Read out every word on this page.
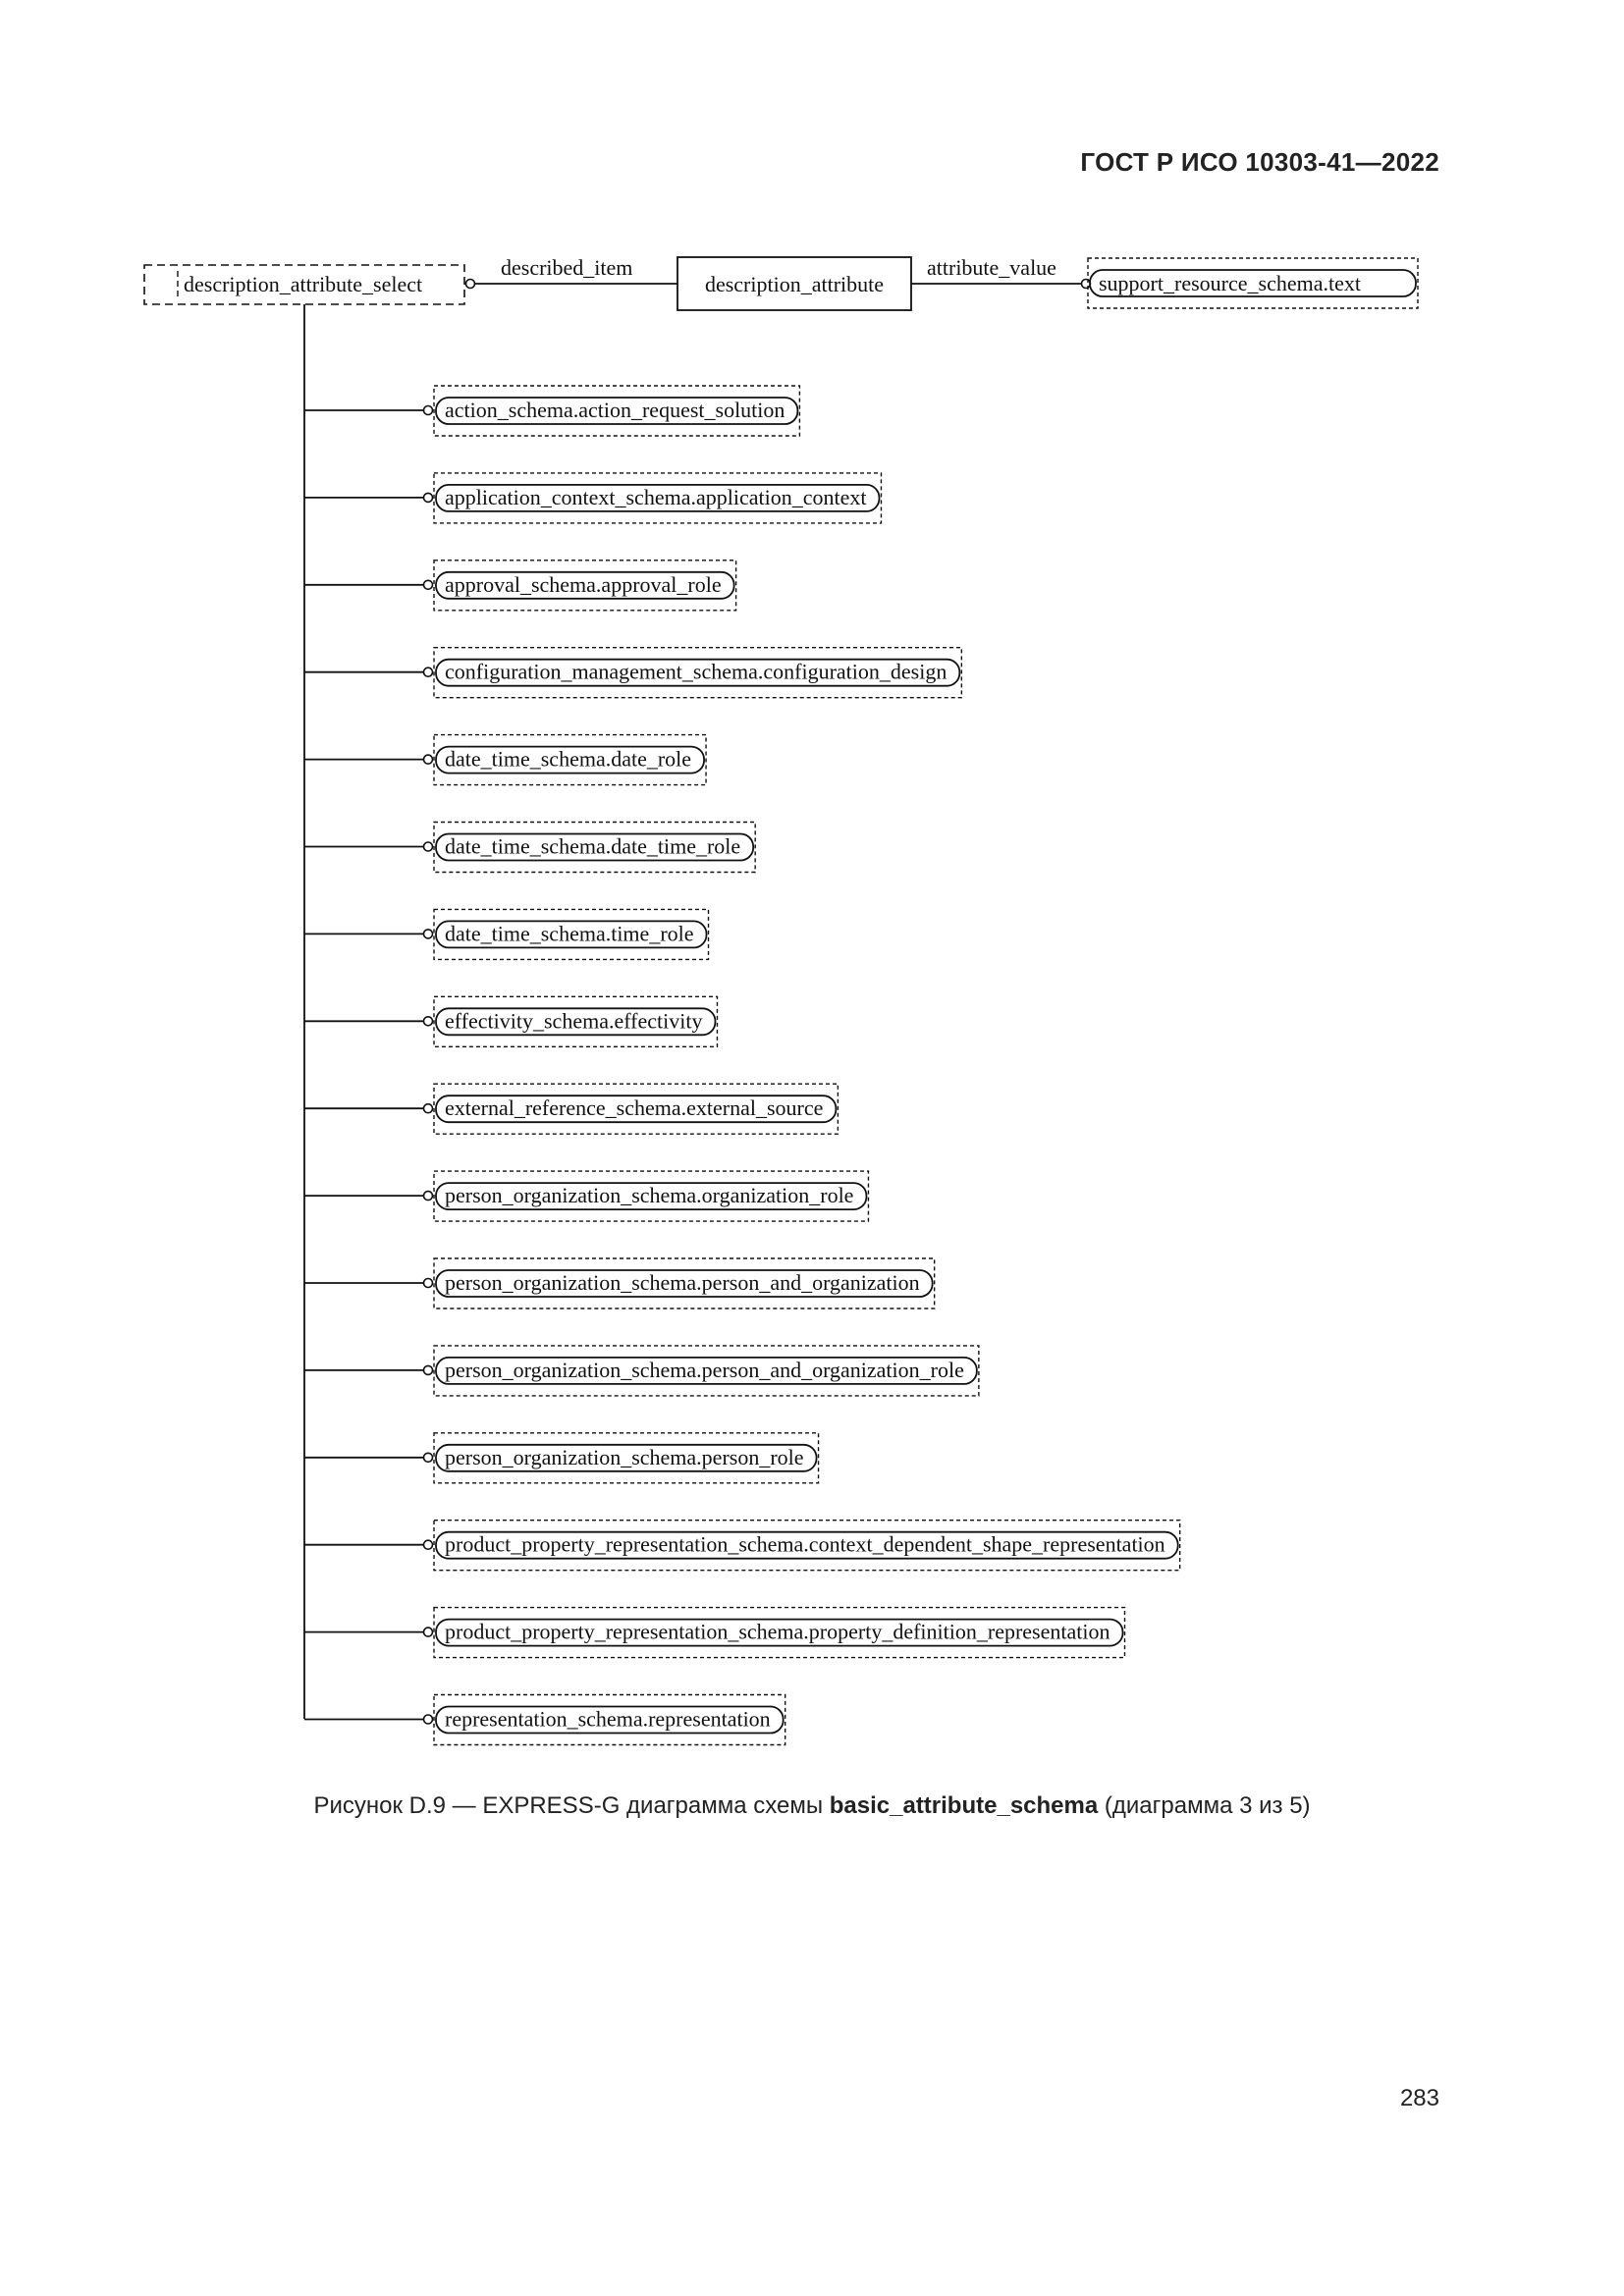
ГОСТ Р ИСО 10303-41—2022
description_attribute_select
described_item
description_attribute
attribute_value
support_resource_schema.text
action_schema.action_request_solution
application_context_schema.application_context
approval_schema.approval_role
configuration_management_schema.configuration_design
date_time_schema.date_role
date_time_schema.date_time_role
date_time_schema.time_role
effectivity_schema.effectivity
external_reference_schema.external_source
person_organization_schema.organization_role
person_organization_schema.person_and_organization
person_organization_schema.person_and_organization_role
person_organization_schema.person_role
product_property_representation_schema.context_dependent_shape_representation
product_property_representation_schema.property_definition_representation
representation_schema.representation
Рисунок D.9 — EXPRESS-G диаграмма схемы basic_attribute_schema (диаграмма 3 из 5)
283
